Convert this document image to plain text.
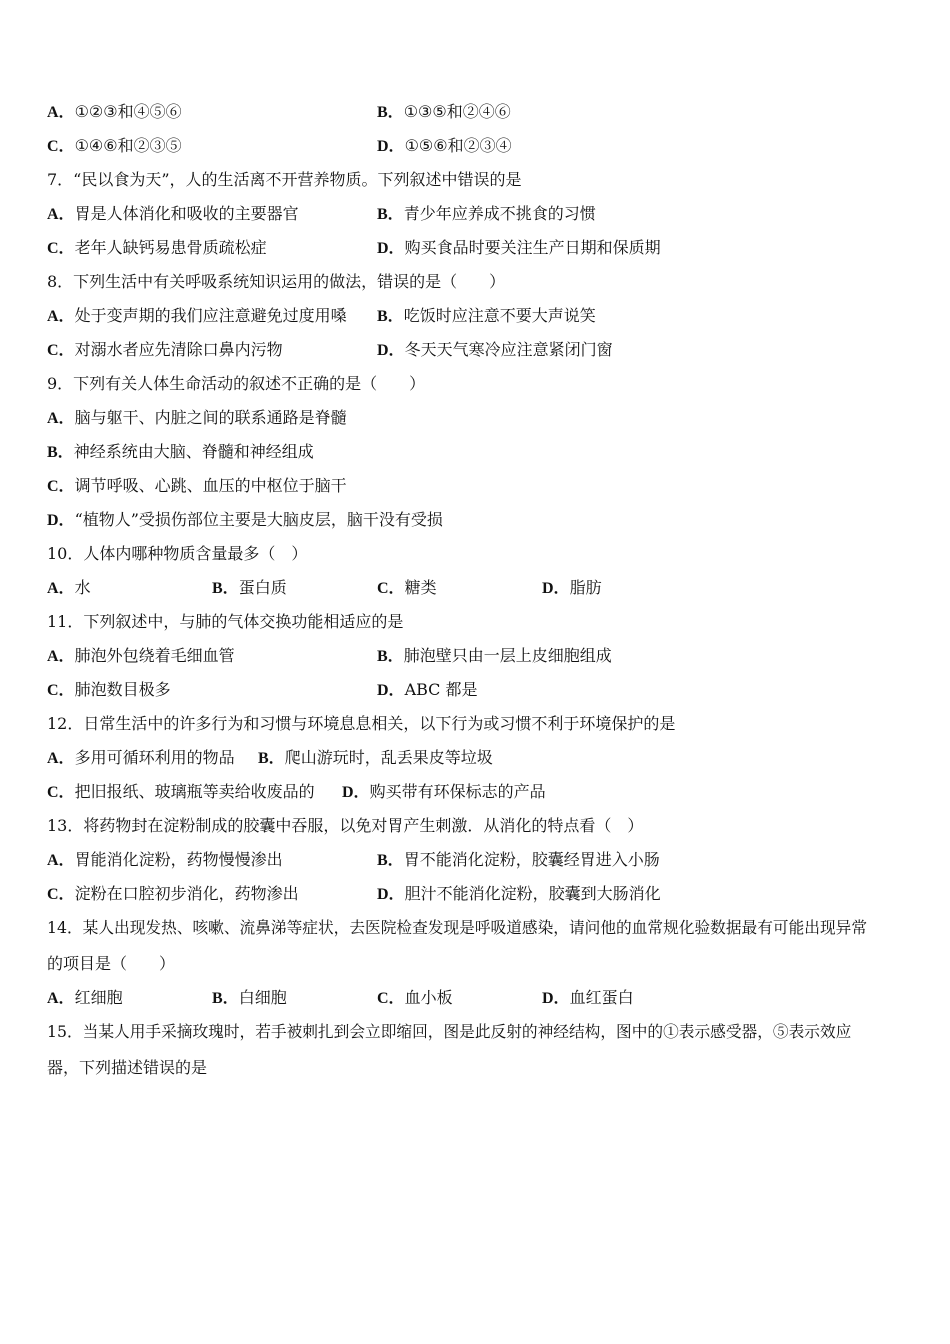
A．①②③和④⑤⑥	B．①③⑤和②④⑥
C．①④⑥和②③⑤	D．①⑤⑥和②③④
7．“民以食为天”，人的生活离不开营养物质。下列叙述中错误的是
A．胃是人体消化和吸收的主要器官	B．青少年应养成不挑食的习惯
C．老年人缺钙易患骨质疏松症	D．购买食品时要关注生产日期和保质期
8．下列生活中有关呼吸系统知识运用的做法，错误的是（　　）
A．处于变声期的我们应注意避免过度用嗓 B．吃饭时应注意不要大声说笑
C．对溺水者应先清除口鼻内污物	D．冬天天气寒冷应注意紧闭门窗
9．下列有关人体生命活动的叙述不正确的是（　　）
A．脑与躯干、内脏之间的联系通路是脊髓
B．神经系统由大脑、脊髓和神经组成
C．调节呼吸、心跳、血压的中枢位于脑干
D．“植物人”受损伤部位主要是大脑皮层，脑干没有受损
10．人体内哪种物质含量最多（　）
A．水	B．蛋白质	C．糖类	D．脂肪
11．下列叙述中，与肺的气体交换功能相适应的是
A．肺泡外包绕着毛细血管	B．肺泡壁只由一层上皮细胞组成
C．肺泡数目极多	D．ABC 都是
12．日常生活中的许多行为和习惯与环境息息相关，以下行为或习惯不利于环境保护的是
A．多用可循环利用的物品 B．爬山游玩时，乱丢果皮等垃圾
C．把旧报纸、玻璃瓶等卖给收废品的 D．购买带有环保标志的产品
13．将药物封在淀粉制成的胶囊中吞服，以免对胃产生刺激．从消化的特点看（　）
A．胃能消化淀粉，药物慢慢渗出	B．胃不能消化淀粉，胶囊经胃进入小肠
C．淀粉在口腔初步消化，药物渗出	D．胆汁不能消化淀粉，胶囊到大肠消化
14．某人出现发热、咳嗽、流鼻涕等症状，去医院检查发现是呼吸道感染，请问他的血常规化验数据最有可能出现异常
的项目是（　　）
A．红细胞	B．白细胞	C．血小板	D．血红蛋白
15．当某人用手采摘玫瑰时，若手被刺扎到会立即缩回，图是此反射的神经结构，图中的①表示感受器，⑤表示效应
器，下列描述错误的是
